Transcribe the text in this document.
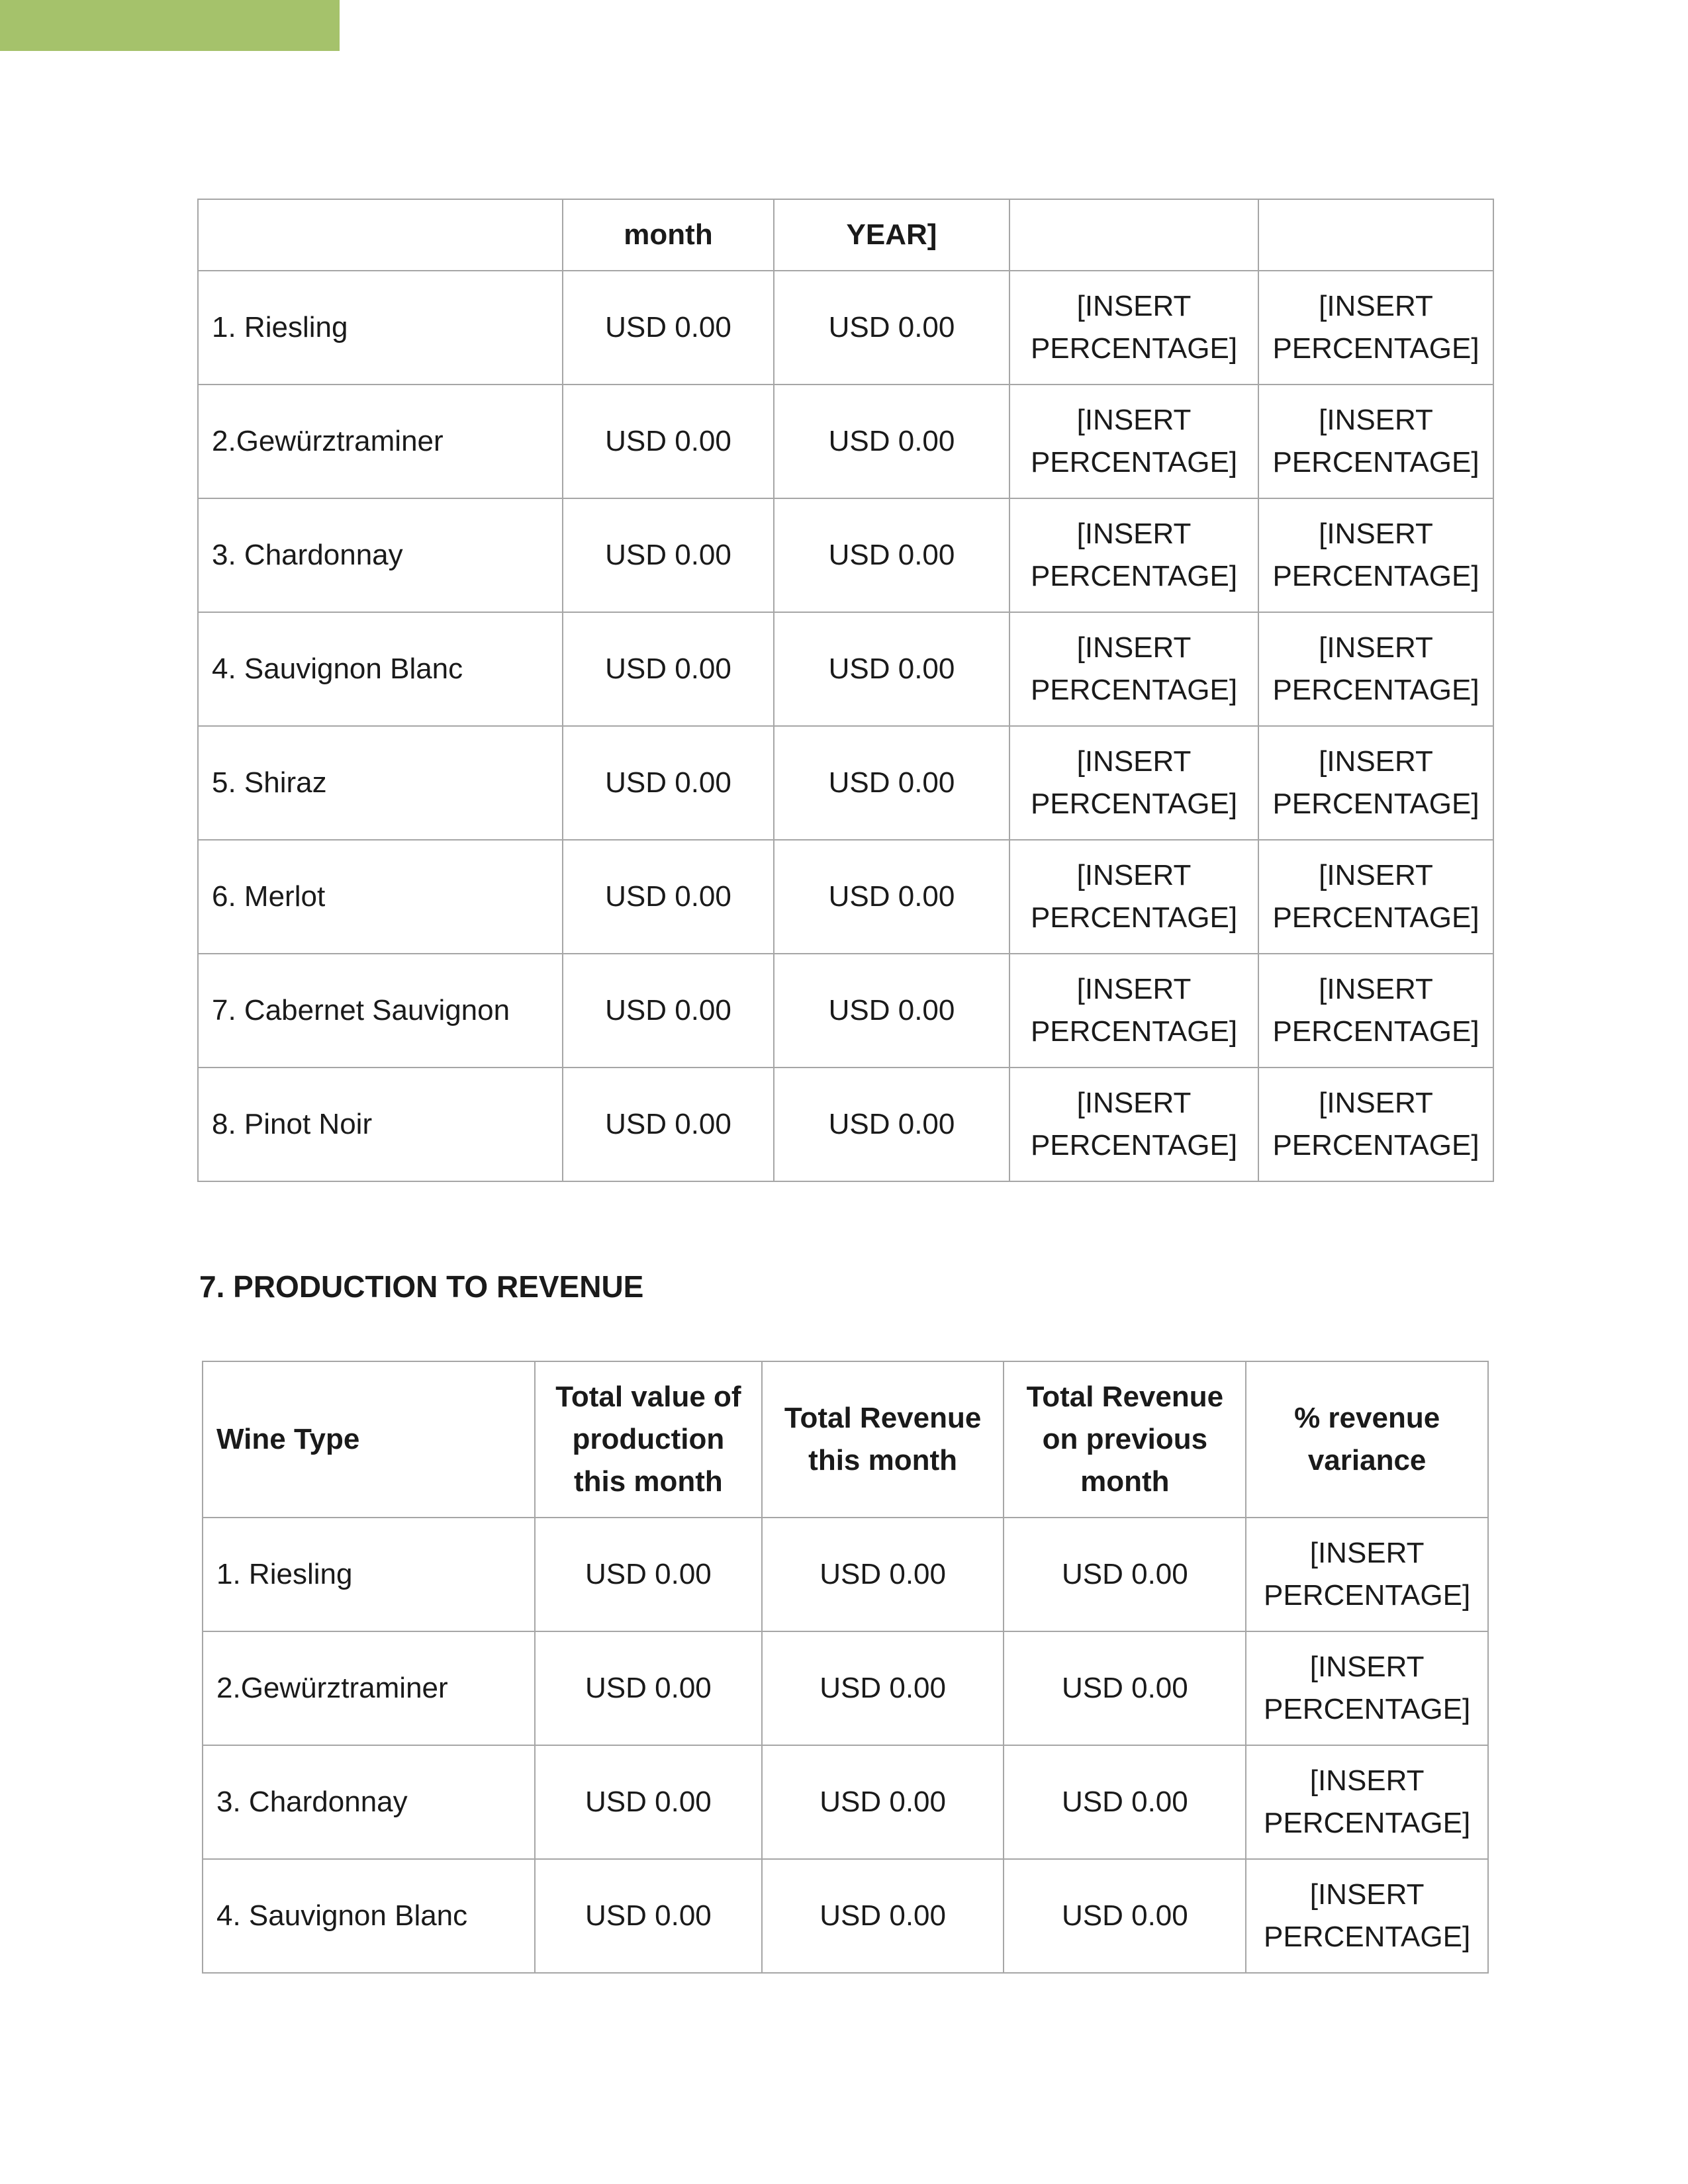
	month	YEAR]		
1. Riesling	USD 0.00	USD 0.00	[INSERT PERCENTAGE]	[INSERT PERCENTAGE]
2.Gewürztraminer	USD 0.00	USD 0.00	[INSERT PERCENTAGE]	[INSERT PERCENTAGE]
3. Chardonnay	USD 0.00	USD 0.00	[INSERT PERCENTAGE]	[INSERT PERCENTAGE]
4. Sauvignon Blanc	USD 0.00	USD 0.00	[INSERT PERCENTAGE]	[INSERT PERCENTAGE]
5. Shiraz	USD 0.00	USD 0.00	[INSERT PERCENTAGE]	[INSERT PERCENTAGE]
6. Merlot	USD 0.00	USD 0.00	[INSERT PERCENTAGE]	[INSERT PERCENTAGE]
7. Cabernet Sauvignon	USD 0.00	USD 0.00	[INSERT PERCENTAGE]	[INSERT PERCENTAGE]
8. Pinot Noir	USD 0.00	USD 0.00	[INSERT PERCENTAGE]	[INSERT PERCENTAGE]
7. PRODUCTION TO REVENUE
Wine Type	Total value of production this month	Total Revenue this month	Total Revenue on previous month	% revenue variance
1. Riesling	USD 0.00	USD 0.00	USD 0.00	[INSERT PERCENTAGE]
2.Gewürztraminer	USD 0.00	USD 0.00	USD 0.00	[INSERT PERCENTAGE]
3. Chardonnay	USD 0.00	USD 0.00	USD 0.00	[INSERT PERCENTAGE]
4. Sauvignon Blanc	USD 0.00	USD 0.00	USD 0.00	[INSERT PERCENTAGE]
